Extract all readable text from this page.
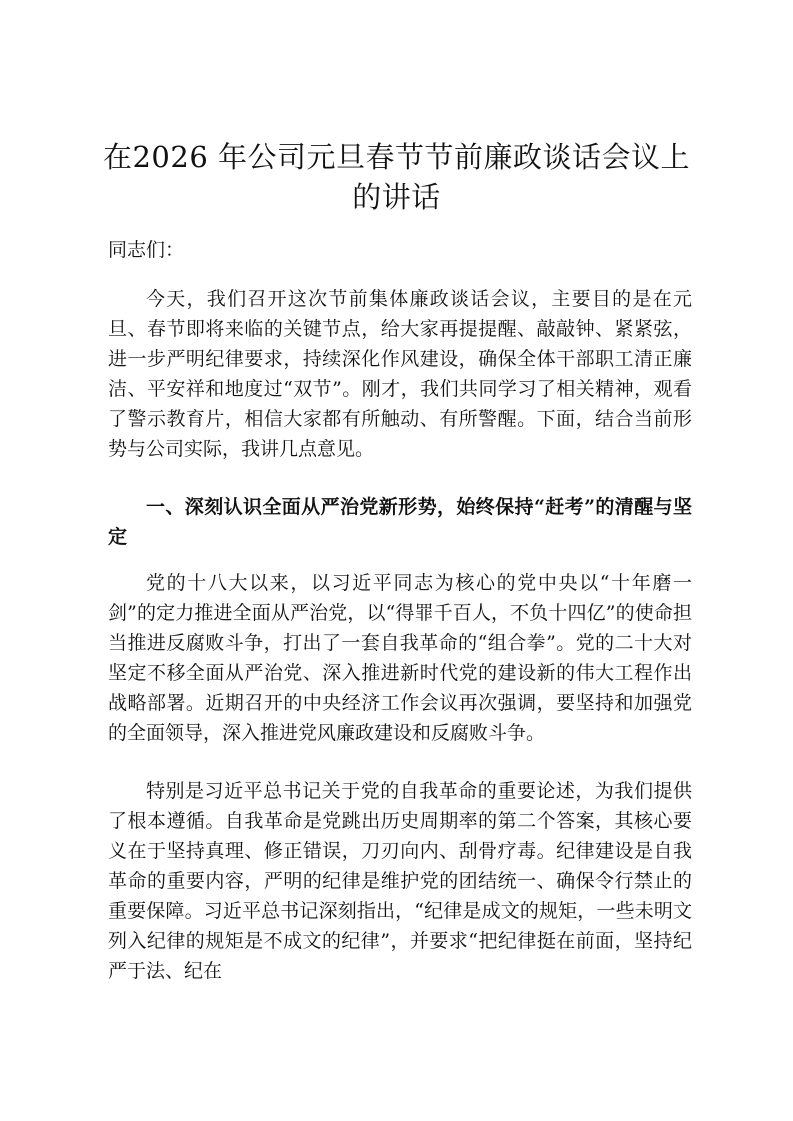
在2026 年公司元旦春节节前廉政谈话会议上
的讲话

同志们：

今天，我们召开这次节前集体廉政谈话会议，主要目的是在元旦、春节即将来临的关键节点，给大家再提提醒、敲敲钟、紧紧弦，进一步严明纪律要求，持续深化作风建设，确保全体干部职工清正廉洁、平安祥和地度过“双节”。刚才，我们共同学习了相关精神，观看了警示教育片，相信大家都有所触动、有所警醒。下面，结合当前形势与公司实际，我讲几点意见。

一、深刻认识全面从严治党新形势，始终保持“赶考”的清醒与坚定

党的十八大以来，以习近平同志为核心的党中央以“十年磨一剑”的定力推进全面从严治党，以“得罪千百人，不负十四亿”的使命担当推进反腐败斗争，打出了一套自我革命的“组合拳”。党的二十大对坚定不移全面从严治党、深入推进新时代党的建设新的伟大工程作出战略部署。近期召开的中央经济工作会议再次强调，要坚持和加强党的全面领导，深入推进党风廉政建设和反腐败斗争。

特别是习近平总书记关于党的自我革命的重要论述，为我们提供了根本遵循。自我革命是党跳出历史周期率的第二个答案，其核心要义在于坚持真理、修正错误，刀刃向内、刮骨疗毒。纪律建设是自我革命的重要内容，严明的纪律是维护党的团结统一、确保令行禁止的重要保障。习近平总书记深刻指出，“纪律是成文的规矩，一些未明文列入纪律的规矩是不成文的纪律”，并要求“把纪律挺在前面，坚持纪严于法、纪在
